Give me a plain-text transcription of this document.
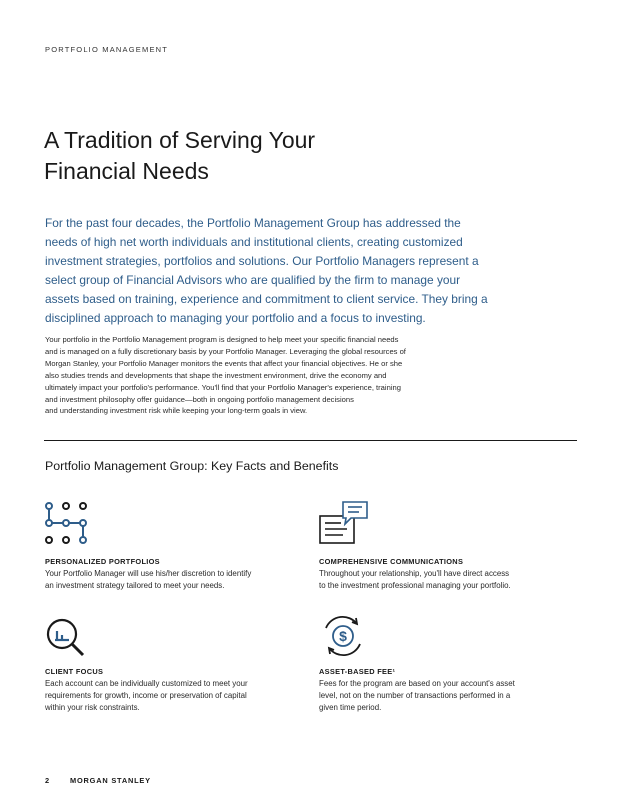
PORTFOLIO MANAGEMENT
A Tradition of Serving Your
Financial Needs

For the past four decades, the Portfolio Management Group has addressed the needs of high net worth individuals and institutional clients, creating customized investment strategies, portfolios and solutions. Our Portfolio Managers represent a select group of Financial Advisors who are qualified by the firm to manage your assets based on training, experience and commitment to client service. They bring a disciplined approach to managing your portfolio and a focus to investing.

Your portfolio in the Portfolio Management program is designed to help meet your specific financial needs
and is managed on a fully discretionary basis by your Portfolio Manager. Leveraging the global resources of
Morgan Stanley, your Portfolio Manager monitors the events that affect your financial objectives. He or she
also studies trends and developments that shape the investment environment, drive the economy and
ultimately impact your portfolio's performance. You'll find that your Portfolio Manager's experience, training
and investment philosophy offer guidance—both in ongoing portfolio management decisions
and understanding investment risk while keeping your long-term goals in view.

Portfolio Management Group: Key Facts and Benefits
PERSONALIZED PORTFOLIOS
Your Portfolio Manager will use his/her discretion to identify
an investment strategy tailored to meet your needs.
COMPREHENSIVE COMMUNICATIONS
Throughout your relationship, you'll have direct access
to the investment professional managing your portfolio.
CLIENT FOCUS
Each account can be individually customized to meet your
requirements for growth, income or preservation of capital
within your risk constraints.
$
ASSET-BASED FEE¹
Fees for the program are based on your account's asset
level, not on the number of transactions performed in a
given time period.
2	MORGAN STANLEY
